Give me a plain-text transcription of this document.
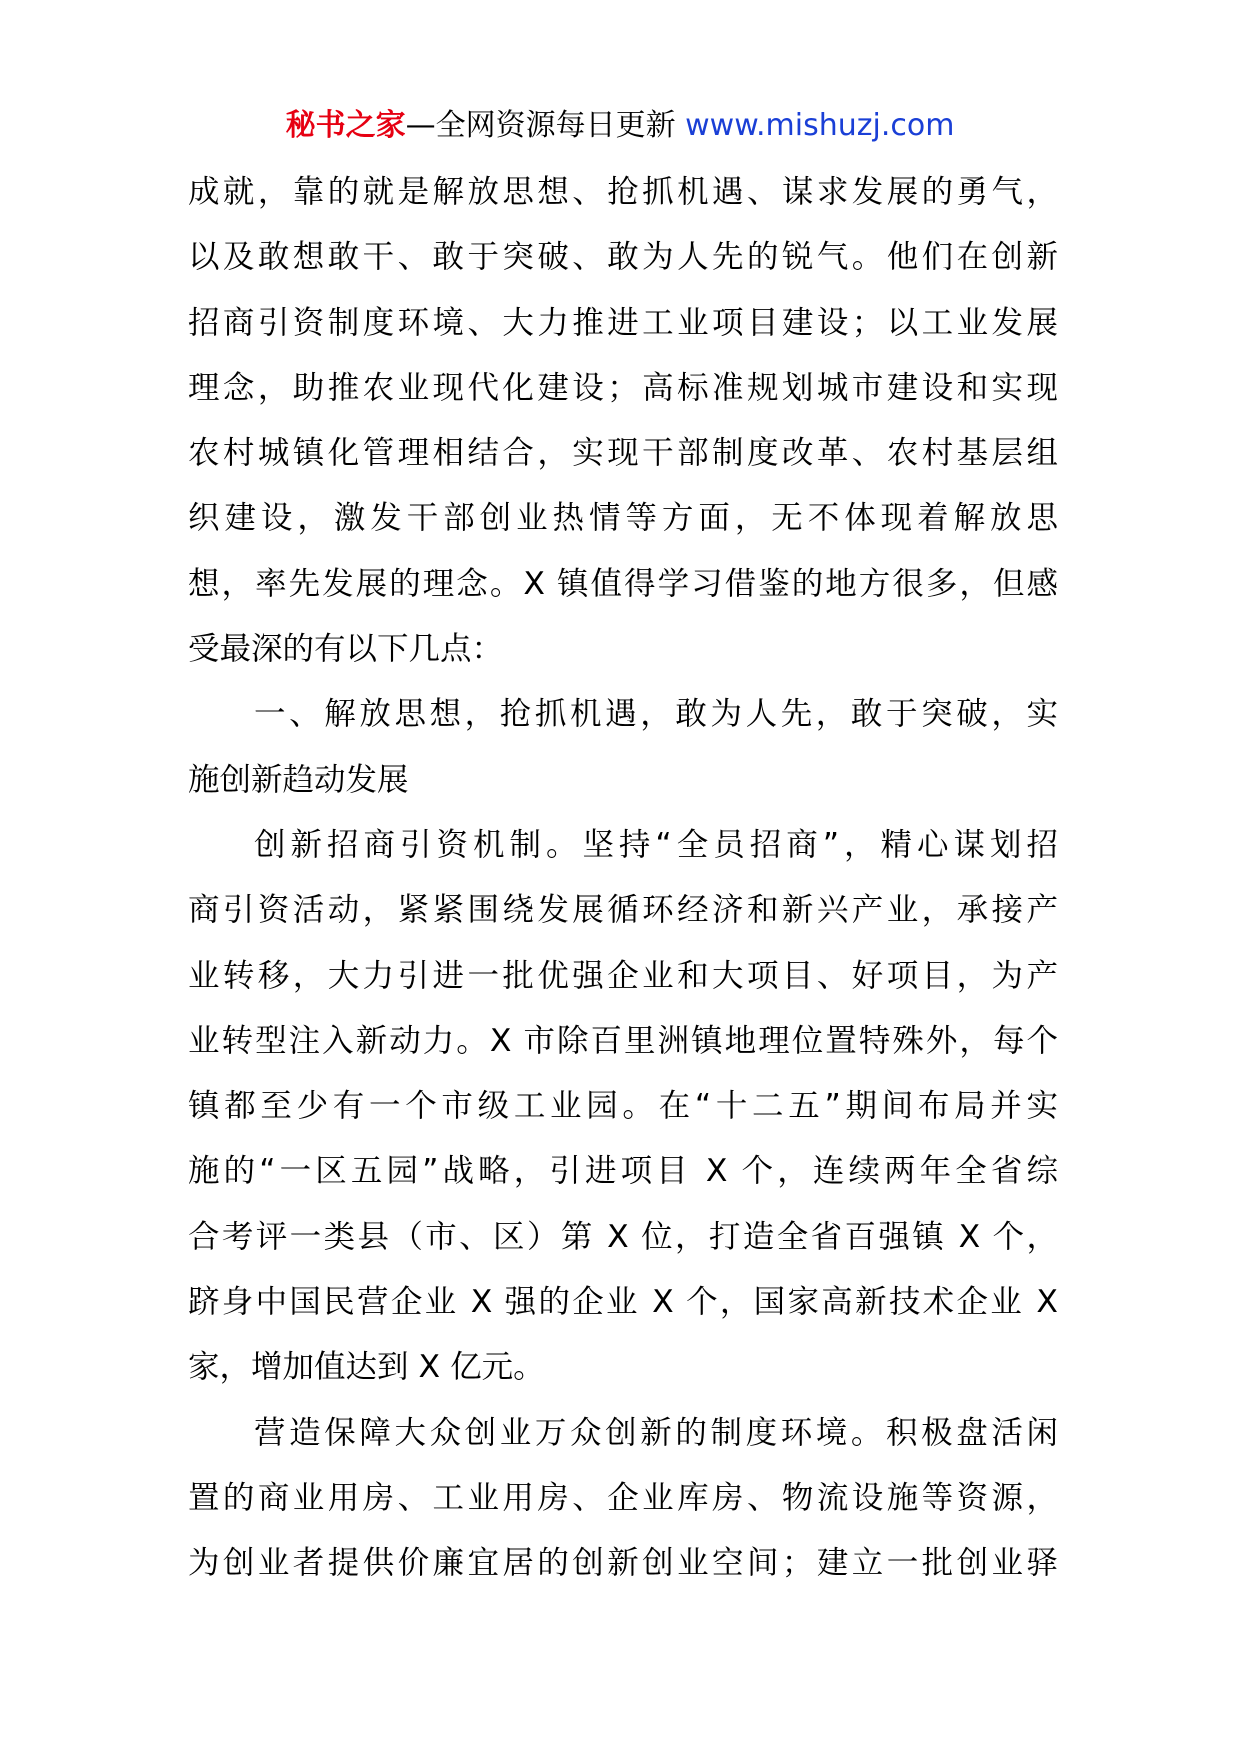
秘书之家—全网资源每日更新 www.mishuzj.com
成就，靠的就是解放思想、抢抓机遇、谋求发展的勇气，
以及敢想敢干、敢于突破、敢为人先的锐气。他们在创新
招商引资制度环境、大力推进工业项目建设；以工业发展
理念，助推农业现代化建设；高标准规划城市建设和实现
农村城镇化管理相结合，实现干部制度改革、农村基层组
织建设，激发干部创业热情等方面，无不体现着解放思
想，率先发展的理念。X 镇值得学习借鉴的地方很多，但感
受最深的有以下几点：
一、解放思想，抢抓机遇，敢为人先，敢于突破，实
施创新趋动发展
创新招商引资机制。坚持“全员招商”，精心谋划招
商引资活动，紧紧围绕发展循环经济和新兴产业，承接产
业转移，大力引进一批优强企业和大项目、好项目，为产
业转型注入新动力。X 市除百里洲镇地理位置特殊外，每个
镇都至少有一个市级工业园。在“十二五”期间布局并实
施的“一区五园”战略，引进项目 X 个，连续两年全省综
合考评一类县（市、区）第 X 位，打造全省百强镇 X 个，
跻身中国民营企业 X 强的企业 X 个，国家高新技术企业 X
家，增加值达到 X 亿元。
营造保障大众创业万众创新的制度环境。积极盘活闲
置的商业用房、工业用房、企业库房、物流设施等资源，
为创业者提供价廉宜居的创新创业空间；建立一批创业驿
